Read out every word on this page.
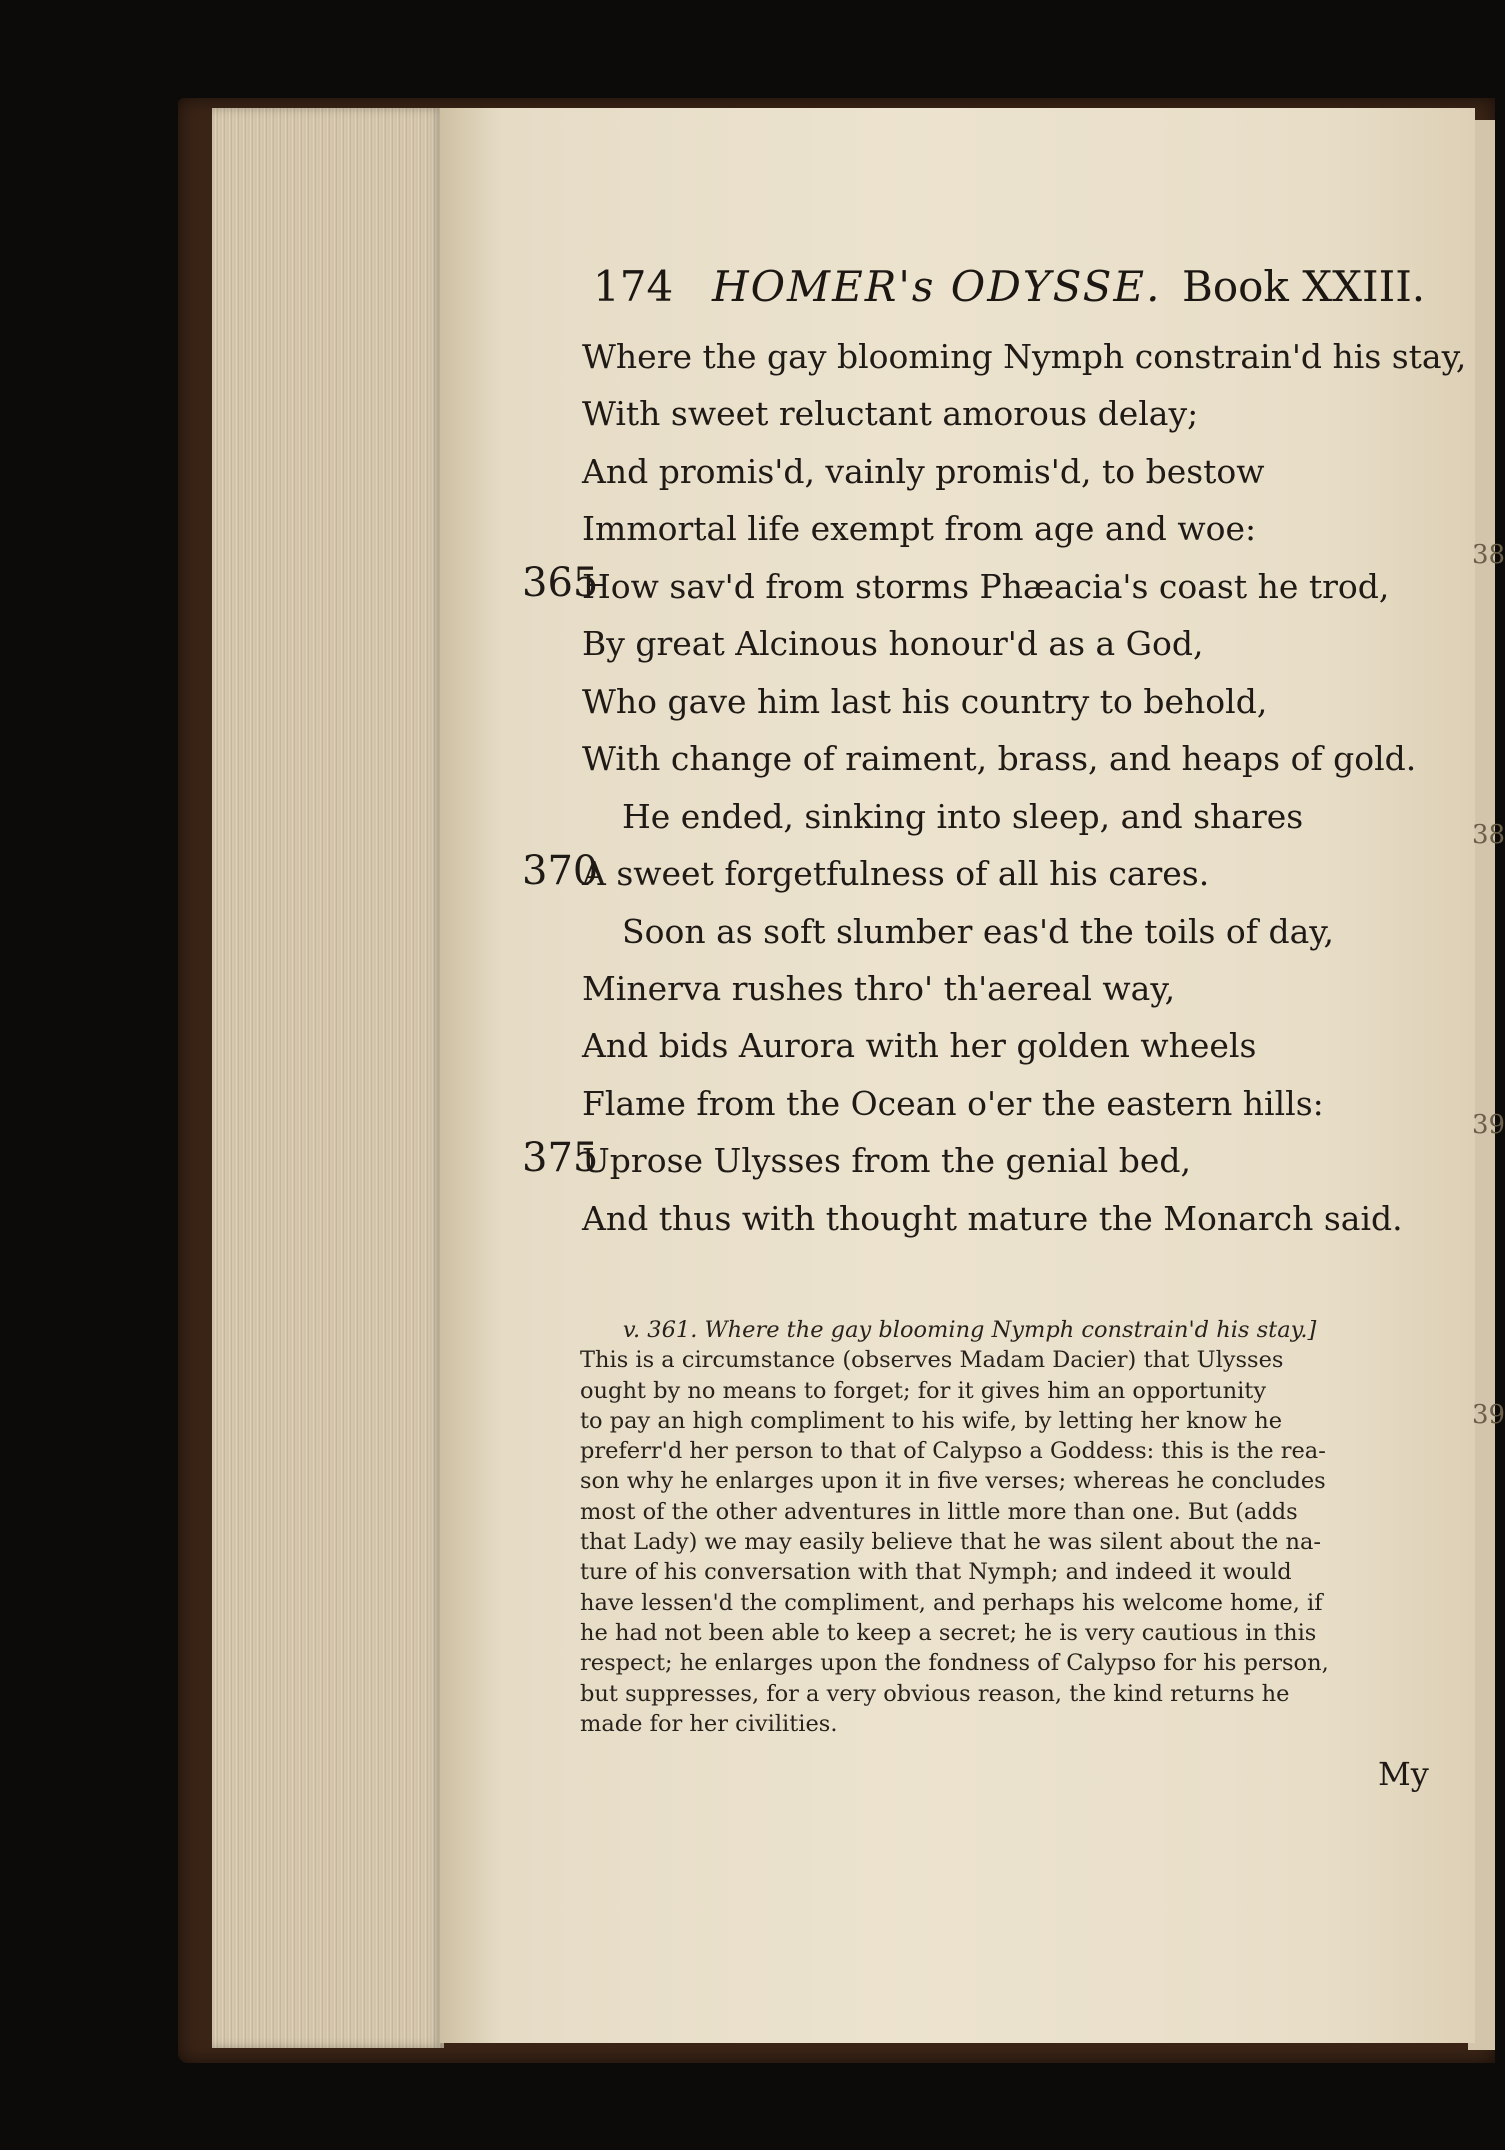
174 HOMER's ODYSSE. Book XXIII.
Where the gay blooming Nymph constrain'd his stay,
With sweet reluctant amorous delay;
And promis'd, vainly promis'd, to bestow
Immortal life exempt from age and woe:
365
How sav'd from storms Phæacia's coast he trod,
By great Alcinous honour'd as a God,
Who gave him last his country to behold,
With change of raiment, brass, and heaps of gold.
He ended, sinking into sleep, and shares
370
A sweet forgetfulness of all his cares.
Soon as soft slumber eas'd the toils of day,
Minerva rushes thro' th'aereal way,
And bids Aurora with her golden wheels
Flame from the Ocean o'er the eastern hills:
375
Uprose Ulysses from the genial bed,
And thus with thought mature the Monarch said.
v. 361. Where the gay blooming Nymph constrain'd his stay.]
This is a circumstance (observes Madam Dacier) that Ulysses
ought by no means to forget; for it gives him an opportunity
to pay an high compliment to his wife, by letting her know he
preferr'd her person to that of Calypso a Goddess: this is the rea-
son why he enlarges upon it in five verses; whereas he concludes
most of the other adventures in little more than one. But (adds
that Lady) we may easily believe that he was silent about the na-
ture of his conversation with that Nymph; and indeed it would
have lessen'd the compliment, and perhaps his welcome home, if
he had not been able to keep a secret; he is very cautious in this
respect; he enlarges upon the fondness of Calypso for his person,
but suppresses, for a very obvious reason, the kind returns he
made for her civilities.
My
38
38
39
39
